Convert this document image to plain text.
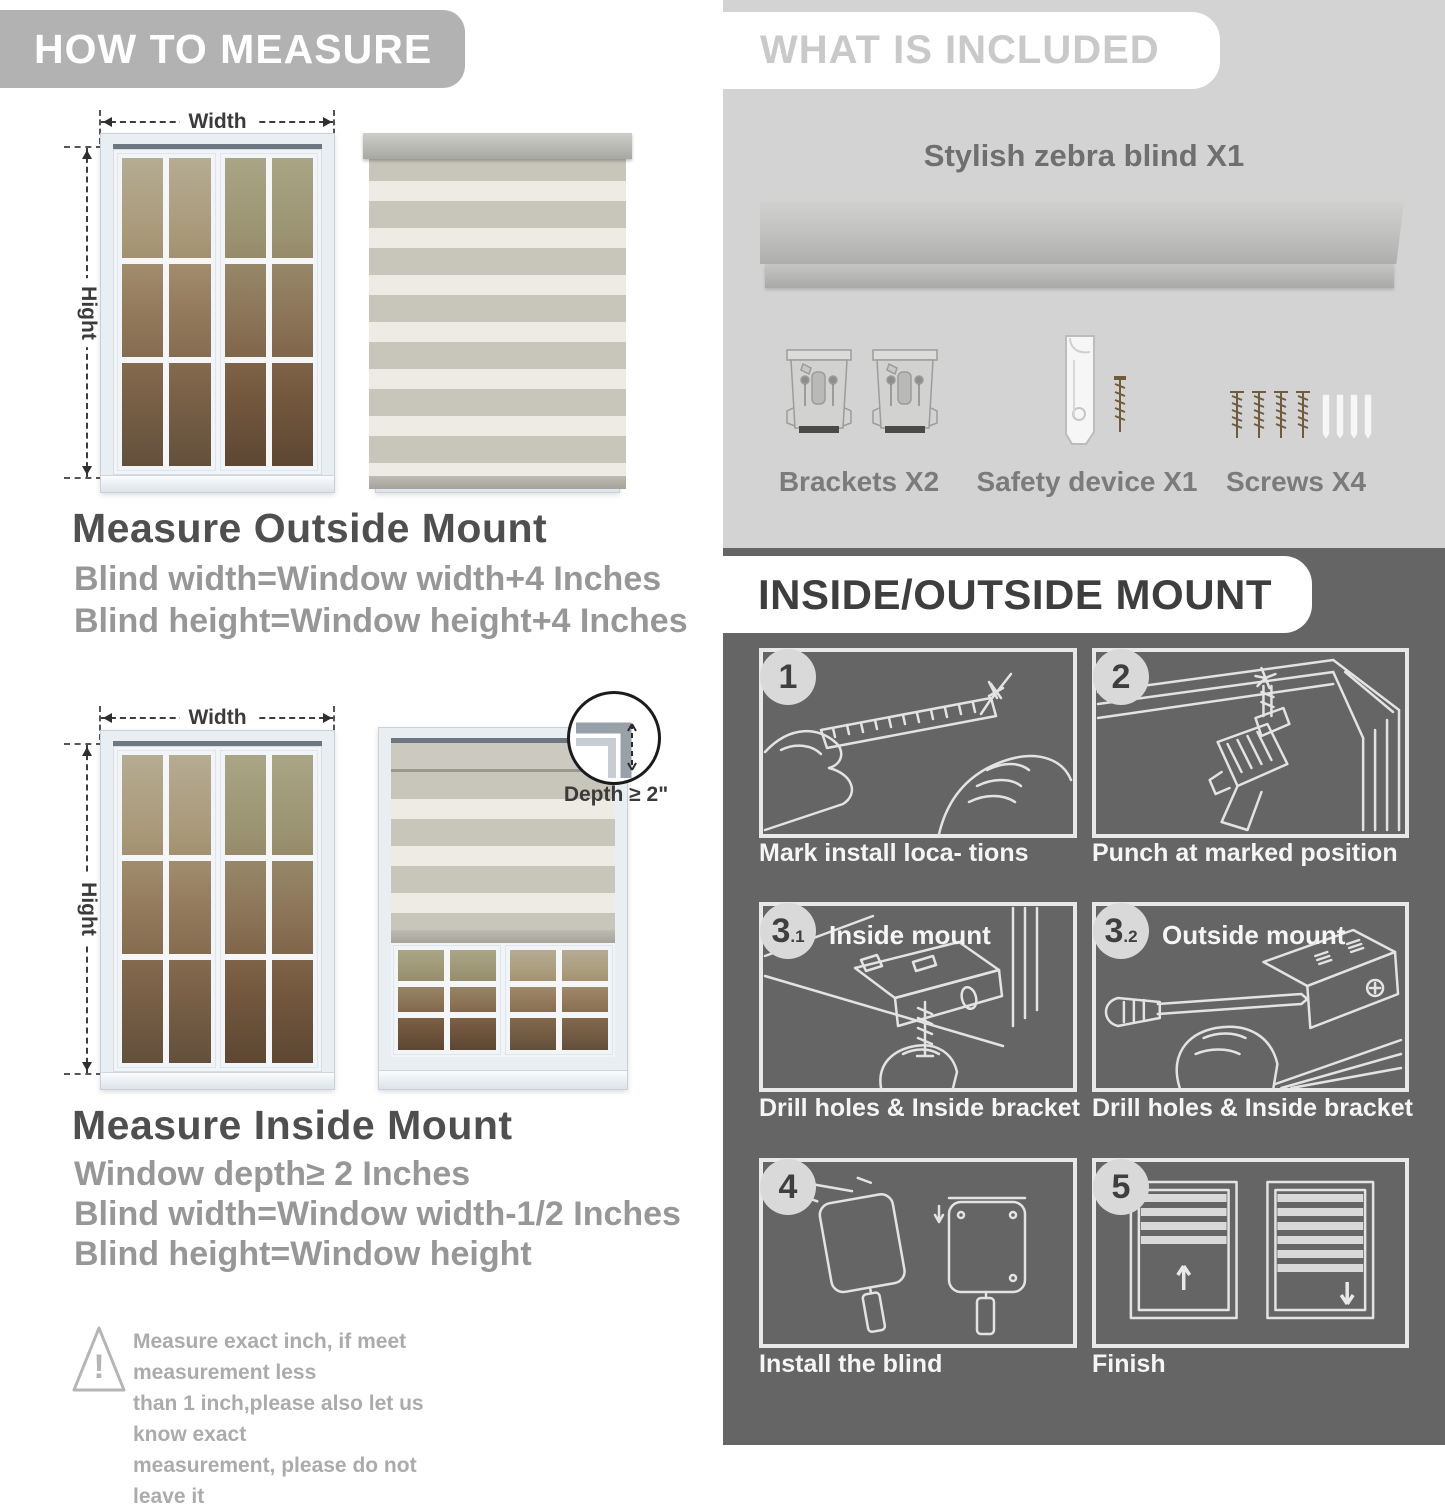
HOW TO MEASURE
Width
Hight
Measure Outside Mount
Blind width=Window width+4 Inches
Blind height=Window height+4 Inches
Width
Hight
Depth ≥ 2"
Measure Inside Mount
Window depth≥ 2 Inches
Blind width=Window width-1/2 Inches
Blind height=Window height
!
Measure exact inch, if meet measurement less
than 1 inch,please also let us know exact
measurement, please do not leave it
WHAT IS INCLUDED
Stylish zebra blind X1
Brackets X2	Safety device X1	Screws X4
INSIDE/OUTSIDE MOUNT
1
Mark install loca- tions
2
Punch at marked position
3 .1 Inside mount
Drill holes & Inside bracket
3 .2 Outside mount
Drill holes & Inside bracket
4
Install the blind
5
Finish
